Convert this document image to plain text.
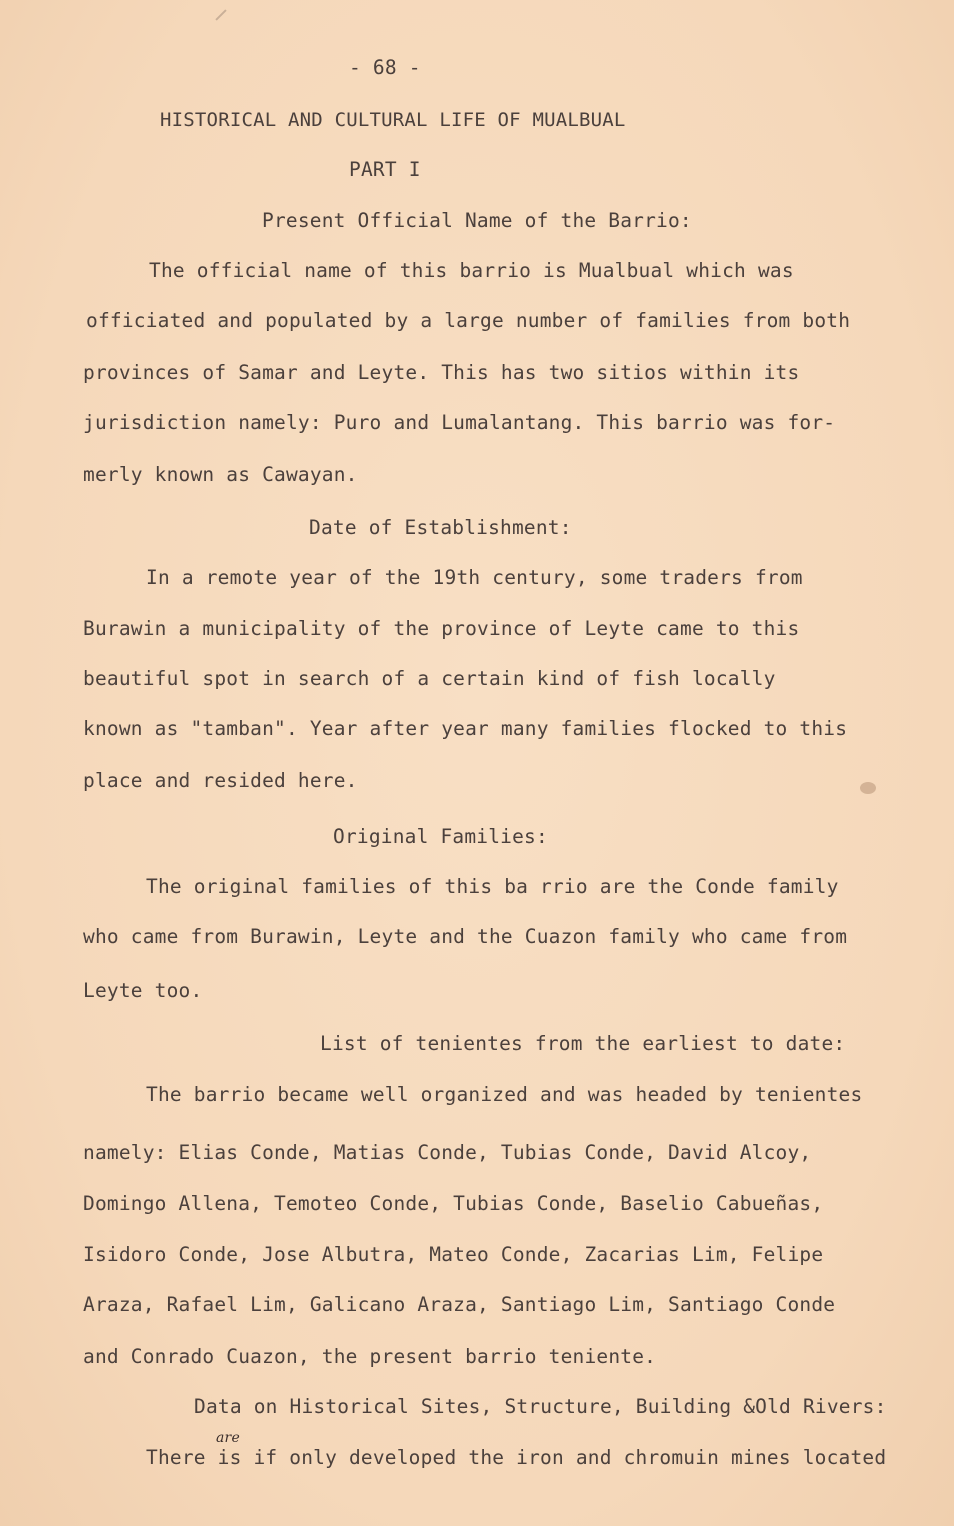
- 68 -
HISTORICAL AND CULTURAL LIFE OF MUALBUAL
PART I
Present Official Name of the Barrio:
The official name of this barrio is Mualbual which was
officiated and populated by a large number of families from both
provinces of Samar and Leyte. This has two sitios within its
jurisdiction namely: Puro and Lumalantang. This barrio was for-
merly known as Cawayan.
Date of Establishment:
In a remote year of the 19th century, some traders from
Burawin a municipality of the province of Leyte came to this
beautiful spot in search of a certain kind of fish locally
known as "tamban". Year after year many families flocked to this
place and resided here.
Original Families:
The original families of this ba rrio are the Conde family
who came from Burawin, Leyte and the Cuazon family who came from
Leyte too.
List of tenientes from the earliest to date:
The barrio became well organized and was headed by tenientes
namely: Elias Conde, Matias Conde, Tubias Conde, David Alcoy,
Domingo Allena, Temoteo Conde, Tubias Conde, Baselio Cabueñas,
Isidoro Conde, Jose Albutra, Mateo Conde, Zacarias Lim, Felipe
Araza, Rafael Lim, Galicano Araza, Santiago Lim, Santiago Conde
and Conrado Cuazon, the present barrio teniente.
Data on Historical Sites, Structure, Building &Old Rivers:
are
There is if only developed the iron and chromuin mines located
